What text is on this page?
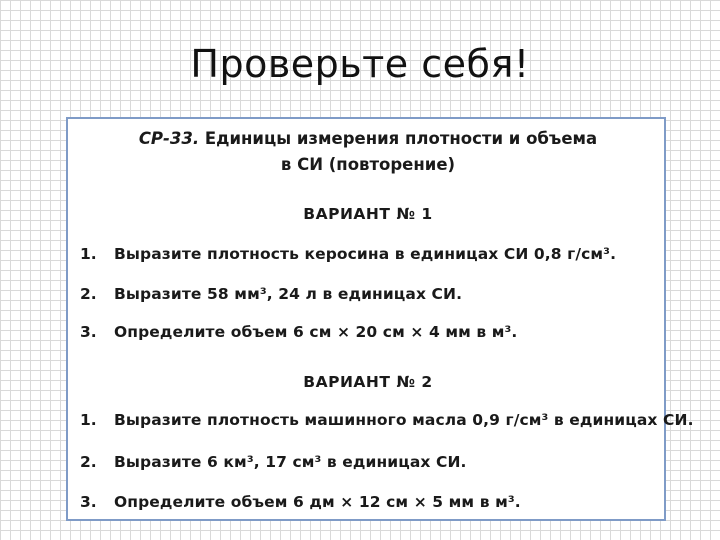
Проверьте себя!
СР-33. Единицы измерения плотности и объема
в СИ (повторение)
ВАРИАНТ № 1
1. Выразите плотность керосина в единицах СИ 0,8 г/см³.
2. Выразите 58 мм³, 24 л в единицах СИ.
3. Определите объем 6 см × 20 см × 4 мм в м³.
ВАРИАНТ № 2
1. Выразите плотность машинного масла 0,9 г/см³ в единицах СИ.
2. Выразите 6 км³, 17 см³ в единицах СИ.
3. Определите объем 6 дм × 12 см × 5 мм в м³.
